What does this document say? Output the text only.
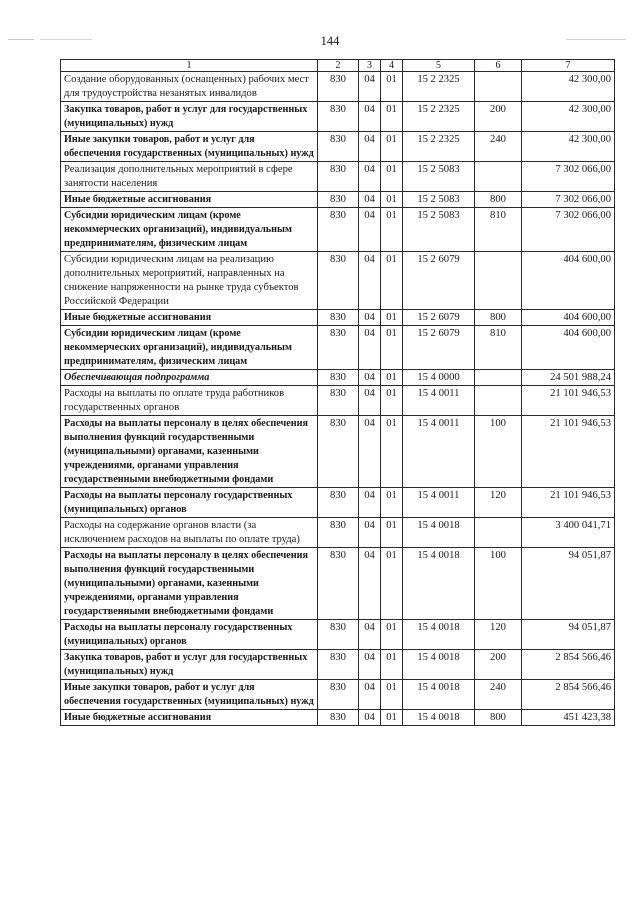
144
1	2	3	4	5	6	7
Создание оборудованных (оснащенных) рабочих мест для трудоустройства незанятых инвалидов	830	04	01	15 2 2325		42 300,00
Закупка товаров, работ и услуг для государственных (муниципальных) нужд	830	04	01	15 2 2325	200	42 300,00
Иные закупки товаров, работ и услуг для обеспечения государственных (муниципальных) нужд	830	04	01	15 2 2325	240	42 300,00
Реализация дополнительных мероприятий в сфере занятости населения	830	04	01	15 2 5083		7 302 066,00
Иные бюджетные ассигнования	830	04	01	15 2 5083	800	7 302 066,00
Субсидии юридическим лицам (кроме некоммерческих организаций), индивидуальным предпринимателям, физическим лицам	830	04	01	15 2 5083	810	7 302 066,00
Субсидии юридическим лицам на реализацию дополнительных мероприятий, направленных на снижение напряженности на рынке труда субъектов Российской Федерации	830	04	01	15 2 6079		404 600,00
Иные бюджетные ассигнования	830	04	01	15 2 6079	800	404 600,00
Субсидии юридическим лицам (кроме некоммерческих организаций), индивидуальным предпринимателям, физическим лицам	830	04	01	15 2 6079	810	404 600,00
Обеспечивающая подпрограмма	830	04	01	15 4 0000		24 501 988,24
Расходы на выплаты по оплате труда работников государственных органов	830	04	01	15 4 0011		21 101 946,53
Расходы на выплаты персоналу в целях обеспечения выполнения функций государственными (муниципальными) органами, казенными учреждениями, органами управления государственными внебюджетными фондами	830	04	01	15 4 0011	100	21 101 946,53
Расходы на выплаты персоналу государственных (муниципальных) органов	830	04	01	15 4 0011	120	21 101 946,53
Расходы на содержание органов власти (за исключением расходов на выплаты по оплате труда)	830	04	01	15 4 0018		3 400 041,71
Расходы на выплаты персоналу в целях обеспечения выполнения функций государственными (муниципальными) органами, казенными учреждениями, органами управления государственными внебюджетными фондами	830	04	01	15 4 0018	100	94 051,87
Расходы на выплаты персоналу государственных (муниципальных) органов	830	04	01	15 4 0018	120	94 051,87
Закупка товаров, работ и услуг для государственных (муниципальных) нужд	830	04	01	15 4 0018	200	2 854 566,46
Иные закупки товаров, работ и услуг для обеспечения государственных (муниципальных) нужд	830	04	01	15 4 0018	240	2 854 566,46
Иные бюджетные ассигнования	830	04	01	15 4 0018	800	451 423,38
